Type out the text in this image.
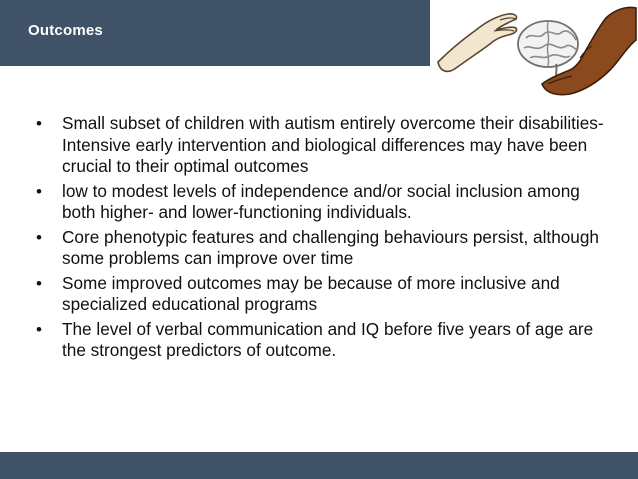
Outcomes
• Small subset of children with autism entirely overcome their disabilities- Intensive early intervention and biological differences may have been crucial to their optimal outcomes
• low to modest levels of independence and/or social inclusion among both higher- and lower-functioning individuals.
• Core phenotypic features and challenging behaviours persist, although some problems can improve over time
• Some improved outcomes may be because of more inclusive and specialized educational programs
• The level of verbal communication and IQ before five years of age are the strongest predictors of outcome.
